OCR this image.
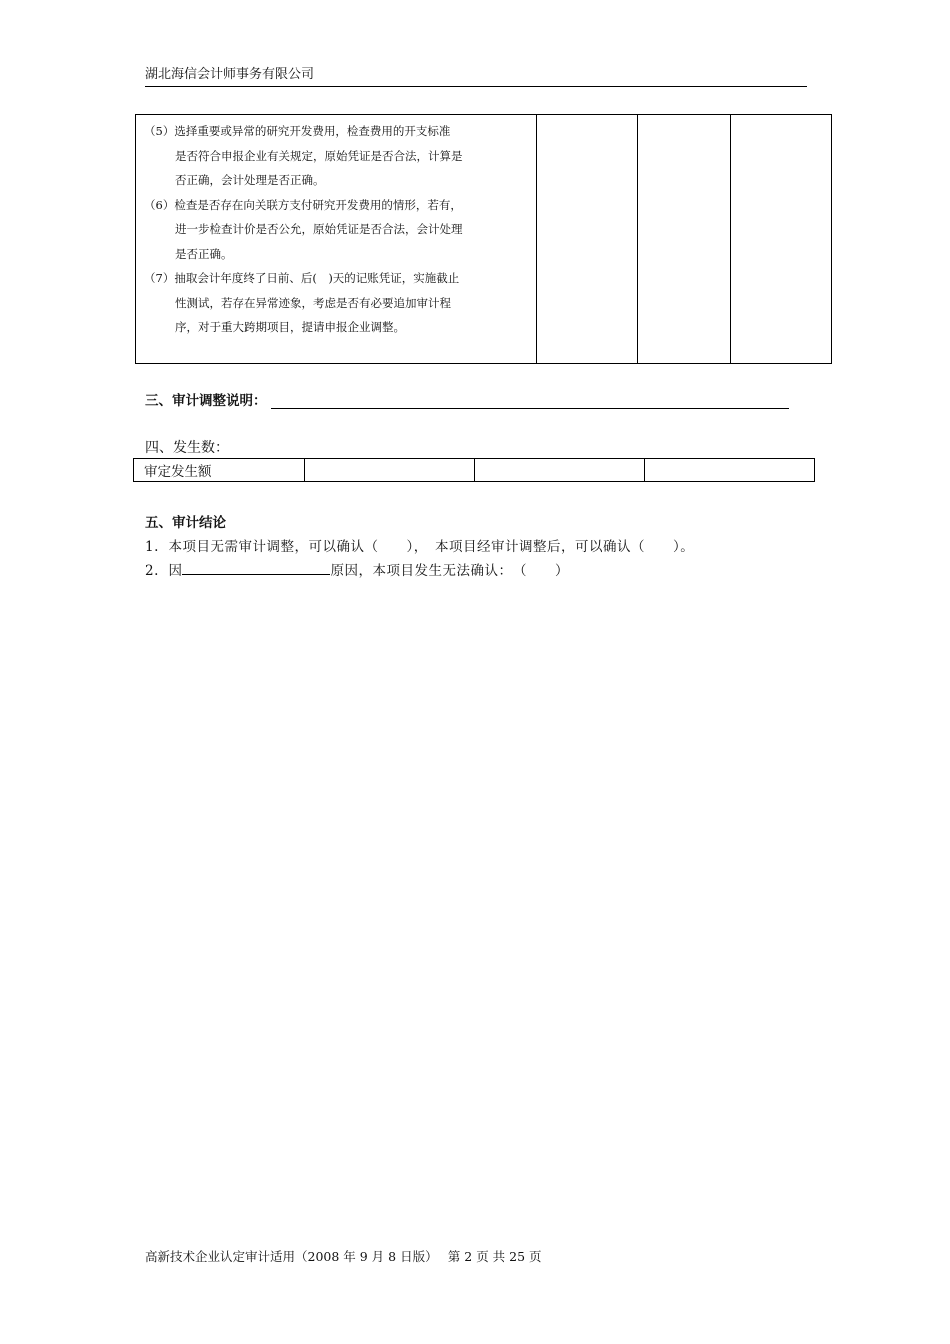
湖北海信会计师事务有限公司
（5）选择重要或异常的研究开发费用，检查费用的开支标准
是否符合申报企业有关规定，原始凭证是否合法，计算是
否正确，会计处理是否正确。
（6）检查是否存在向关联方支付研究开发费用的情形，若有，
进一步检查计价是否公允，原始凭证是否合法，会计处理
是否正确。
（7）抽取会计年度终了日前、后(　)天的记账凭证，实施截止
性测试，若存在异常迹象，考虑是否有必要追加审计程
序，对于重大跨期项目，提请申报企业调整。

三、审计调整说明：
四、发生数：
审定发生额			
五、审计结论
1.  本项目无需审计调整，可以确认（　　），　本项目经审计调整后，可以确认（　　）。
2.  因	原因，本项目发生无法确认：　（　　）
高新技术企业认定审计适用（2008 年 9 月 8 日版）　 第 2 页 共 25 页
